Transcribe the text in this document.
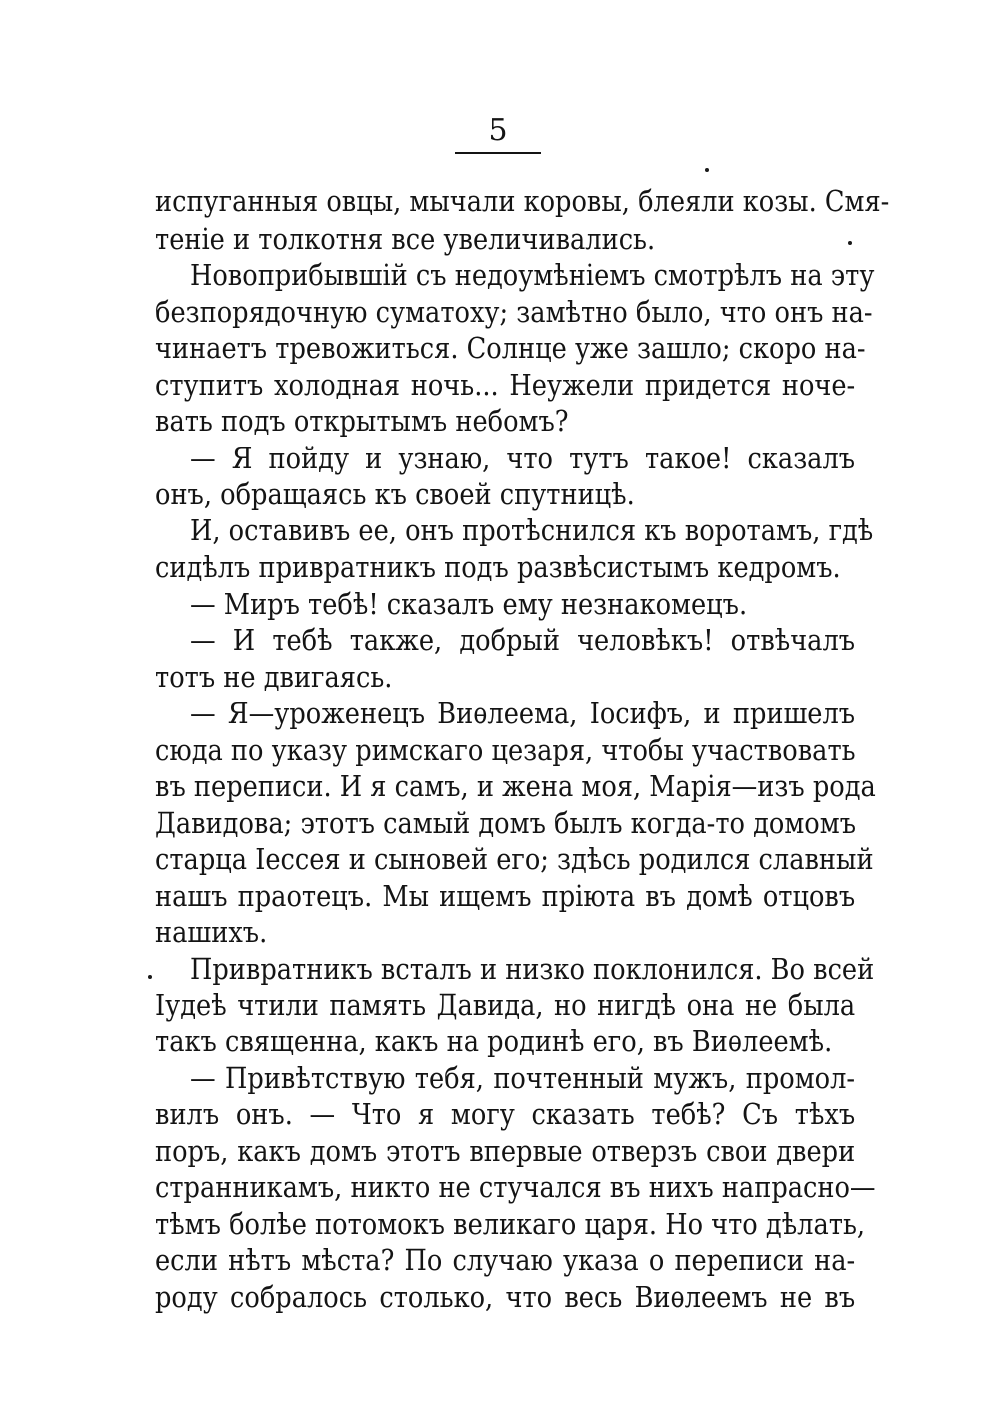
5
испуганныя овцы, мычали коровы, блеяли козы. Смя-
теніе и толкотня все увеличивались.
Новоприбывшій съ недоумѣніемъ смотрѣлъ на эту
безпорядочную суматоху; замѣтно было, что онъ на-
чинаетъ тревожиться. Солнце уже зашло; скоро на-
ступитъ холодная ночь... Неужели придется ноче-
вать подъ открытымъ небомъ?
— Я пойду и узнаю, что тутъ такое! сказалъ
онъ, обращаясь къ своей спутницѣ.
И, оставивъ ее, онъ протѣснился къ воротамъ, гдѣ
сидѣлъ привратникъ подъ развѣсистымъ кедромъ.
— Миръ тебѣ! сказалъ ему незнакомецъ.
— И тебѣ также, добрый человѣкъ! отвѣчалъ
тотъ не двигаясь.
— Я—уроженецъ Виѳлеема, Іосифъ, и пришелъ
сюда по указу римскаго цезаря, чтобы участвовать
въ переписи. И я самъ, и жена моя, Марія—изъ рода
Давидова; этотъ самый домъ былъ когда-то домомъ
старца Іессея и сыновей его; здѣсь родился славный
нашъ праотецъ. Мы ищемъ пріюта въ домѣ отцовъ
нашихъ.
Привратникъ всталъ и низко поклонился. Во всей
Іудеѣ чтили память Давида, но нигдѣ она не была
такъ священна, какъ на родинѣ его, въ Виѳлеемѣ.
— Привѣтствую тебя, почтенный мужъ, промол-
вилъ онъ. — Что я могу сказать тебѣ? Съ тѣхъ
поръ, какъ домъ этотъ впервые отверзъ свои двери
странникамъ, никто не стучался въ нихъ напрасно—
тѣмъ болѣе потомокъ великаго царя. Но что дѣлать,
если нѣтъ мѣста? По случаю указа о переписи на-
роду собралось столько, что весь Виѳлеемъ не въ
